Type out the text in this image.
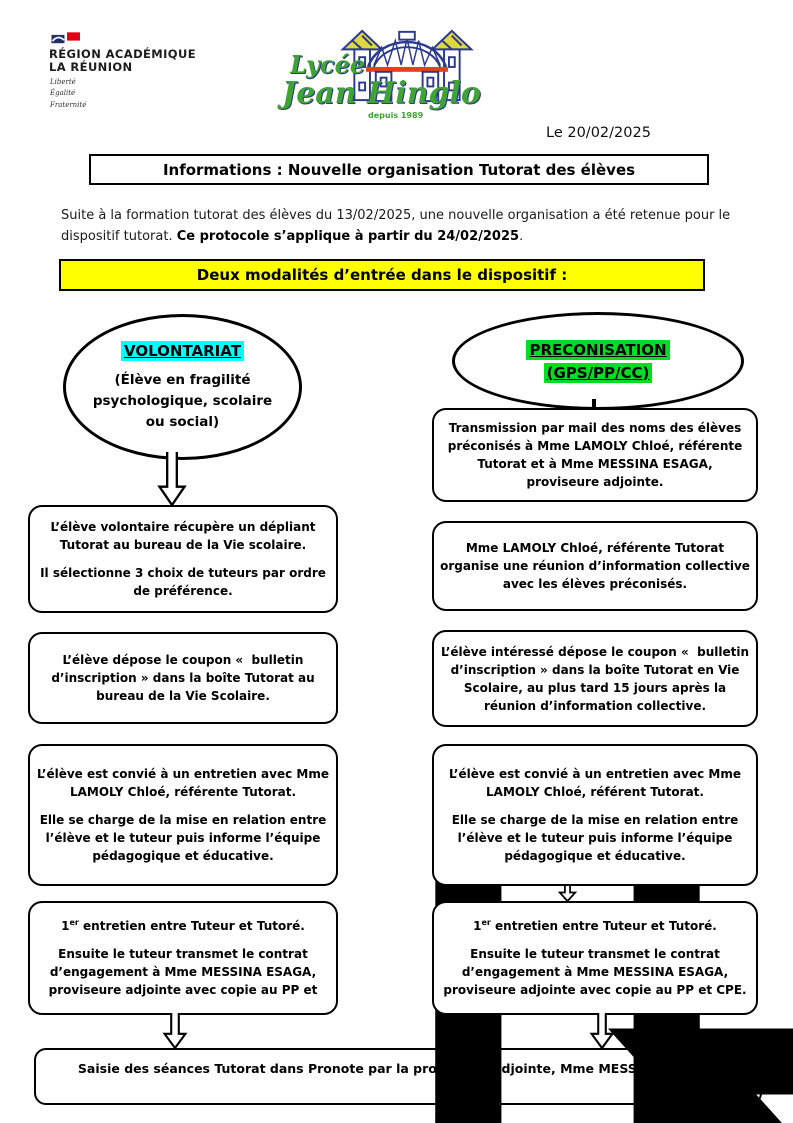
RÉGION ACADÉMIQUE
LA RÉUNION
Liberté
Égalité
Fraternité
Lycée
Jean Hinglo
depuis 1989
Le 20/02/2025
Informations : Nouvelle organisation Tutorat des élèves
Suite à la formation tutorat des élèves du 13/02/2025, une nouvelle organisation a été retenue pour le dispositif tutorat. Ce protocole s’applique à partir du 24/02/2025.
Deux modalités d’entrée dans le dispositif :
VOLONTARIAT
(Élève en fragilité psychologique, scolaire ou social)

L’élève volontaire récupère un dépliant Tutorat au bureau de la Vie scolaire.

Il sélectionne 3 choix de tuteurs par ordre de préférence.

L’élève dépose le coupon «  bulletin d’inscription » dans la boîte Tutorat au bureau de la Vie Scolaire.

L’élève est convié à un entretien avec Mme LAMOLY Chloé, référente Tutorat.

Elle se charge de la mise en relation entre l’élève et le tuteur puis informe l’équipe pédagogique et éducative.

1er entretien entre Tuteur et Tutoré.

Ensuite le tuteur transmet le contrat d’engagement à Mme MESSINA ESAGA, proviseure adjointe avec copie au PP et

PRECONISATION
(GPS/PP/CC)

Transmission par mail des noms des élèves préconisés à Mme LAMOLY Chloé, référente Tutorat et à Mme MESSINA ESAGA, proviseure adjointe.

Mme LAMOLY Chloé, référente Tutorat organise une réunion d’information collective avec les élèves préconisés.

L’élève intéressé dépose le coupon «  bulletin d’inscription » dans la boîte Tutorat en Vie Scolaire, au plus tard 15 jours après la réunion d’information collective.

L’élève est convié à un entretien avec Mme LAMOLY Chloé, référent Tutorat.

Elle se charge de la mise en relation entre l’élève et le tuteur puis informe l’équipe pédagogique et éducative.

1er entretien entre Tuteur et Tutoré.

Ensuite le tuteur transmet le contrat d’engagement à Mme MESSINA ESAGA, proviseure adjointe avec copie au PP et CPE.

Saisie des séances Tutorat dans Pronote par la proviseure adjointe, Mme MESSINA ESAGA.
